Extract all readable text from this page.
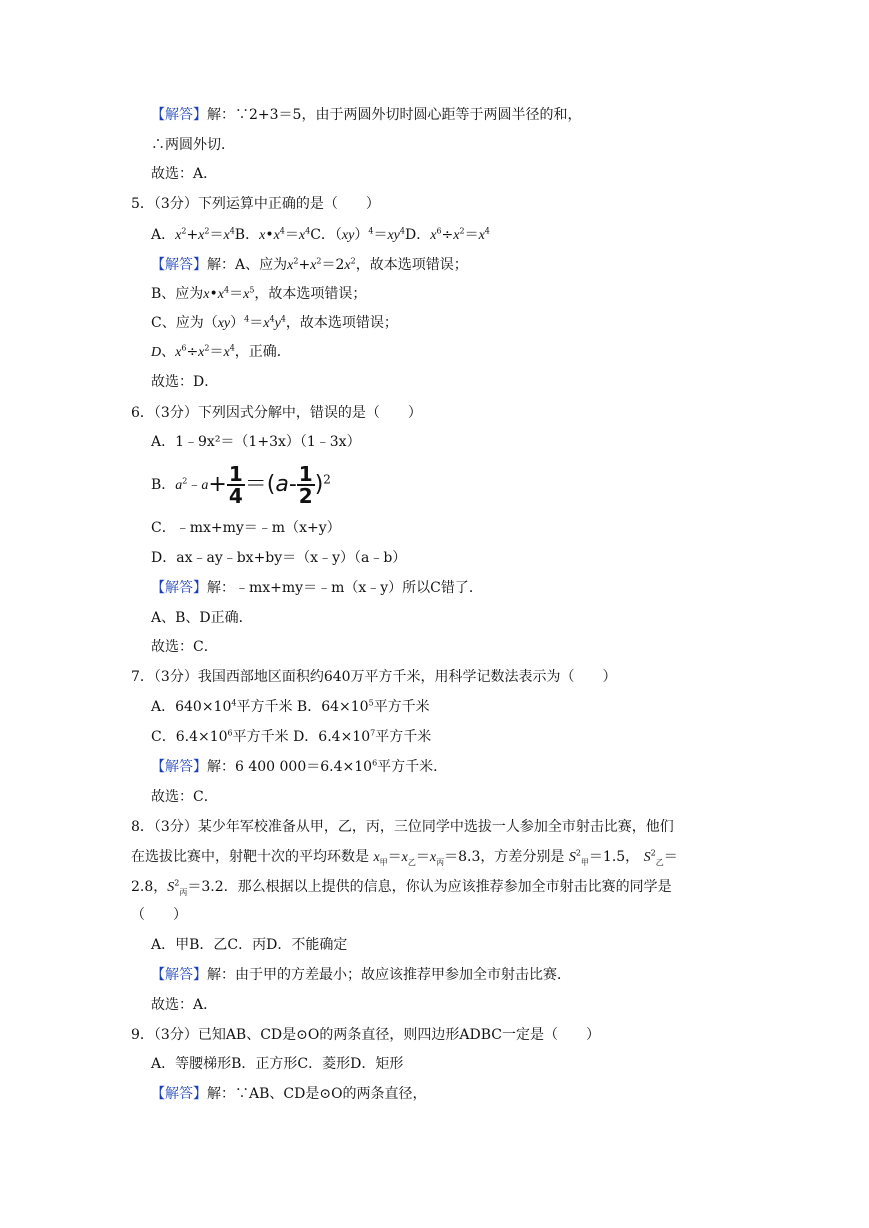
【解答】解：∵2+3＝5，由于两圆外切时圆心距等于两圆半径的和，
∴两圆外切．
故选：A．
5．（3分）下列运算中正确的是（　　）
A．$x^2+x^2=x^4B$．$x•x^4=x^4C$．$(xy)^4=xy^4D$．$x^6\div x^2=x^4$
【解答】解：A、应为$x^2+x^2=2x^2$，故本选项错误；
B、应为$x•x^4=x^5$，故本选项错误；
C、应为$(xy)^4=x^4y^4$，故本选项错误；
D、$x^6\div x^2=x^4$，正确．
故选：D．
6．（3分）下列因式分解中，错误的是（　　）
A．1﹣9x²＝（1+3x）（1﹣3x）
B．$a^2﹣a+ \frac{1}{4} =(a- \frac{1}{2} )^2$
C．﹣mx+my＝﹣m（x+y）
D．ax﹣ay﹣bx+by＝（x﹣y）（a﹣b）
【解答】解：﹣mx+my＝﹣m（x﹣y）所以C错了．
A、B、D正确．
故选：C．
7．（3分）我国西部地区面积约640万平方千米，用科学记数法表示为（　　）
A．$640\times 10^4$平方千米 B．$64\times 10^5$平方千米
C．$6.4\times 10^6$平方千米 D．$6.4\times 10^7$平方千米
【解答】解：6 400 $000=6.4\times 10^6$平方千米．
故选：C．
8．（3分）某少年军校准备从甲，乙，丙，三位同学中选拔一人参加全市射击比赛，他们
在选拔比赛中，射靶十次的平均环数是 $x_甲=x_乙=x_丙=8.3$，方差分别是 $S^2_甲=1.5$， $S^2_乙=$
2.8，$S^2_丙=3.2$．那么根据以上提供的信息，你认为应该推荐参加全市射击比赛的同学是
（　　）
A．甲B．乙C．丙D．不能确定
【解答】解：由于甲的方差最小；故应该推荐甲参加全市射击比赛．
故选：A．
9．（3分）已知AB、CD是⊙O的两条直径，则四边形ADBC一定是（　　）
A．等腰梯形B．正方形C．菱形D．矩形
【解答】解：∵AB、CD是⊙O的两条直径，
